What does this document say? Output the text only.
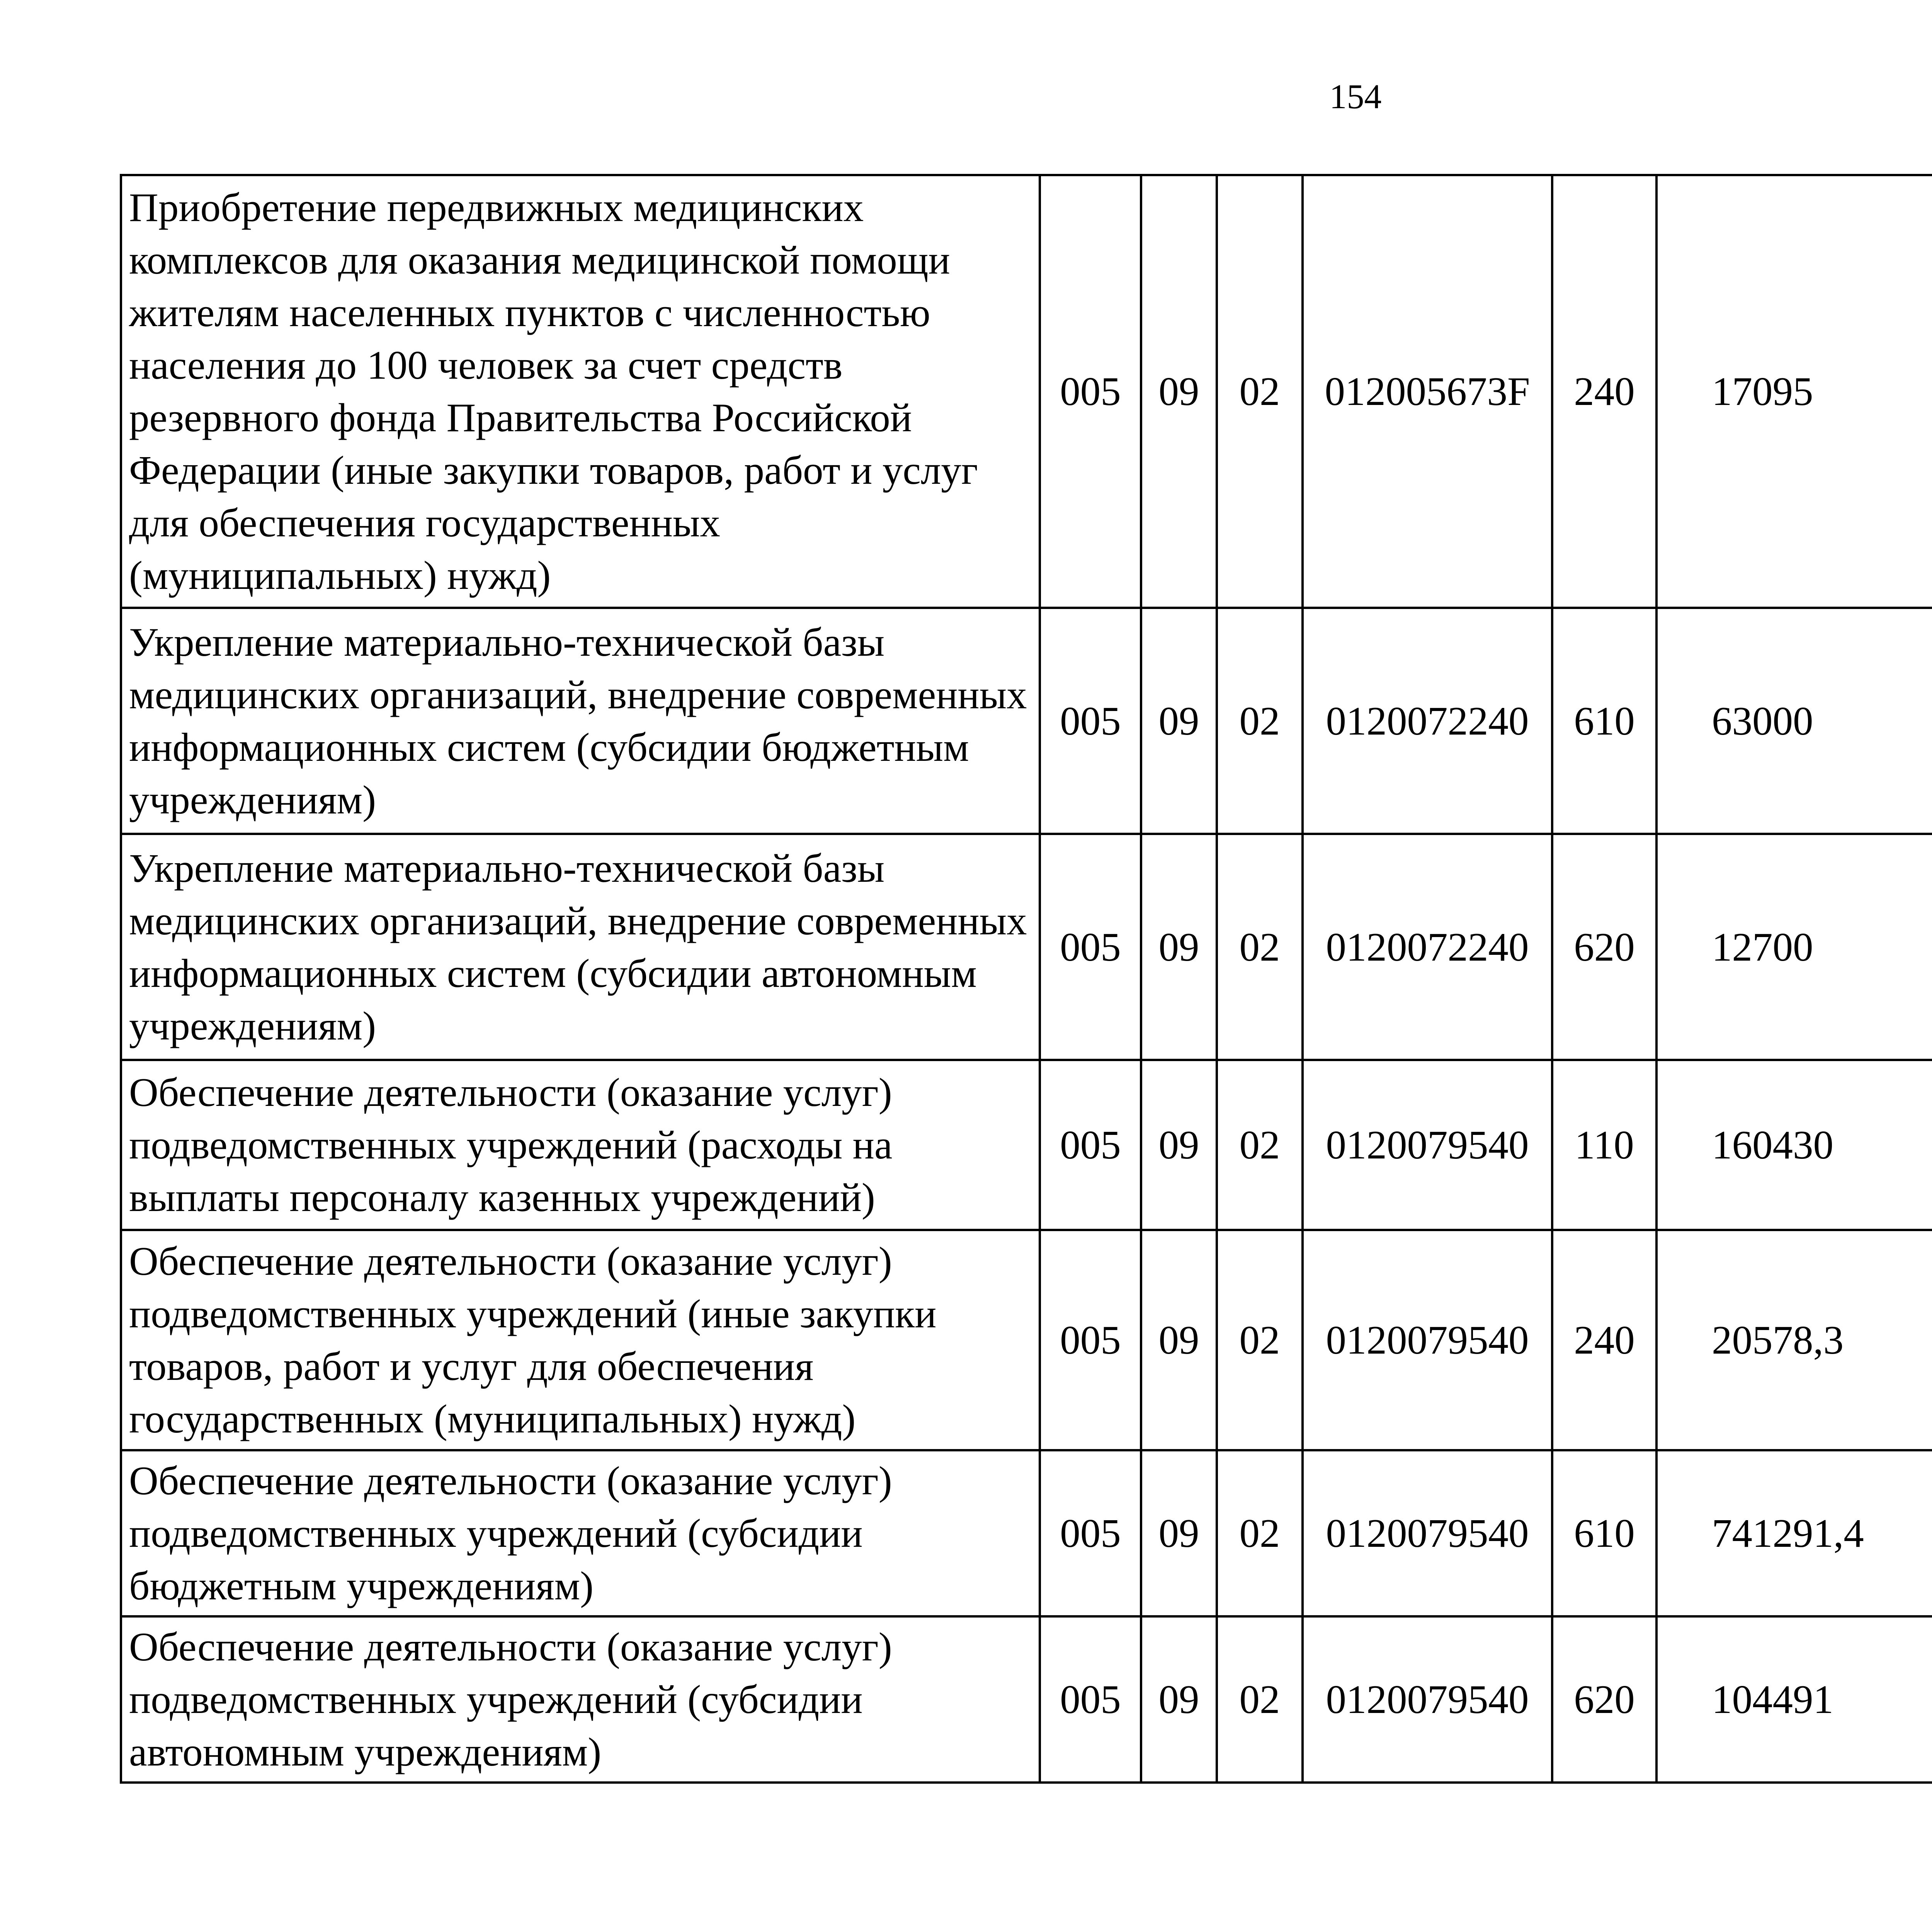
154
Приобретение передвижных медицинских комплексов для оказания медицинской помощи жителям населенных пунктов с численностью населения до 100 человек за счет средств резервного фонда Правительства Российской Федерации (иные закупки товаров, работ и услуг для обеспечения государственных (муниципальных) нужд)	005	09	02	012005673F	240	17095		
Укрепление материально-технической базы медицинских организаций, внедрение современных информационных систем (субсидии бюджетным учреждениям)	005	09	02	0120072240	610	63000		
Укрепление материально-технической базы медицинских организаций, внедрение современных информационных систем (субсидии автономным учреждениям)	005	09	02	0120072240	620	12700		
Обеспечение деятельности (оказание услуг) подведомственных учреждений (расходы на выплаты персоналу казенных учреждений)	005	09	02	0120079540	110	160430		
Обеспечение деятельности (оказание услуг) подведомственных учреждений (иные закупки товаров, работ и услуг для обеспечения государственных (муниципальных) нужд)	005	09	02	0120079540	240	20578,3		
Обеспечение деятельности (оказание услуг) подведомственных учреждений (субсидии бюджетным учреждениям)	005	09	02	0120079540	610	741291,4		
Обеспечение деятельности (оказание услуг) подведомственных учреждений (субсидии автономным учреждениям)	005	09	02	0120079540	620	104491		
